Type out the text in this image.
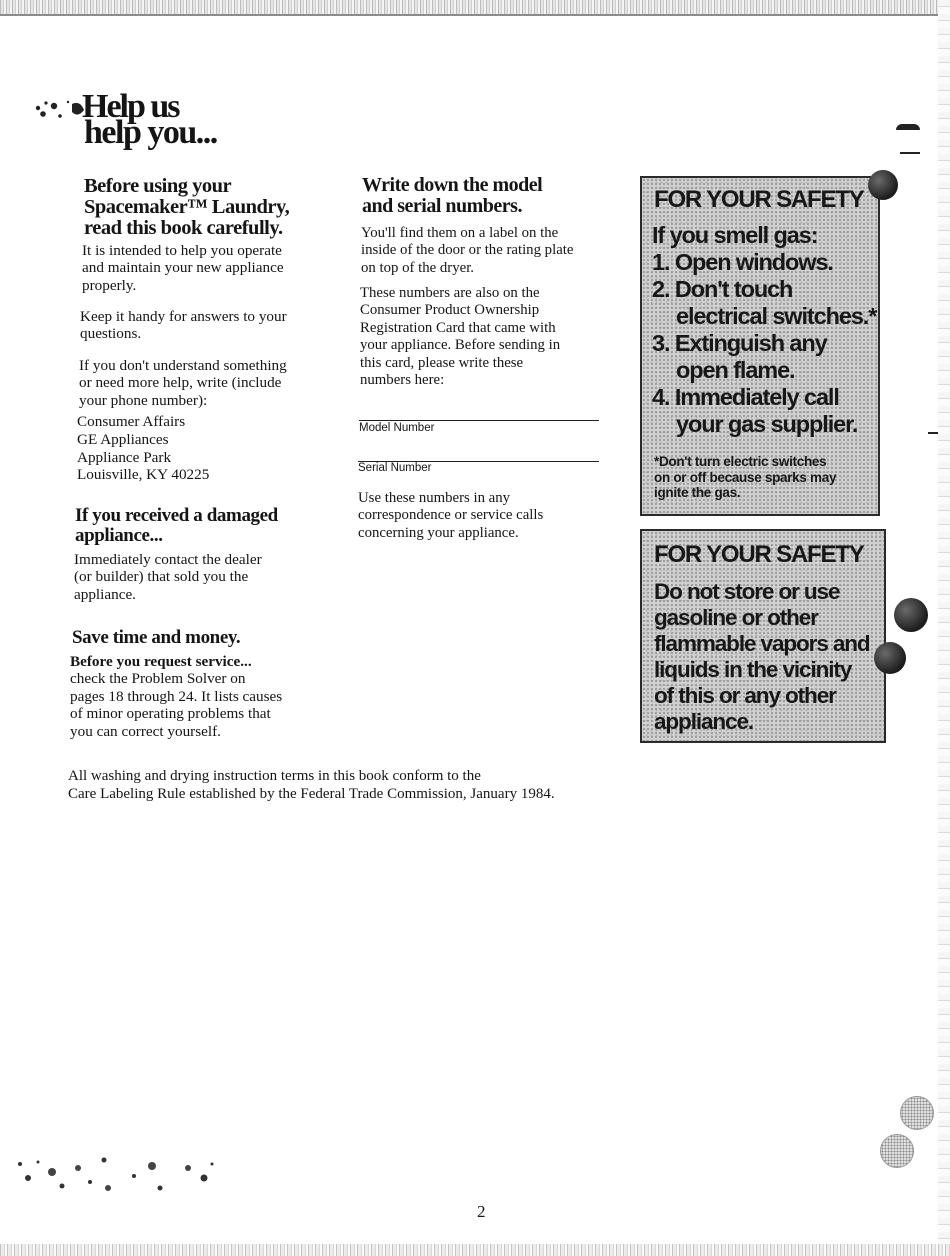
Help us
help you...
Before using your
Spacemaker™ Laundry,
read this book carefully.
It is intended to help you operate
and maintain your new appliance
properly.
Keep it handy for answers to your
questions.
If you don't understand something
or need more help, write (include
your phone number):
Consumer Affairs
GE Appliances
Appliance Park
Louisville, KY 40225
If you received a damaged
appliance...
Immediately contact the dealer
(or builder) that sold you the
appliance.
Save time and money.
Before you request service...
check the Problem Solver on
pages 18 through 24. It lists causes
of minor operating problems that
you can correct yourself.
Write down the model
and serial numbers.
You'll find them on a label on the
inside of the door or the rating plate
on top of the dryer.
These numbers are also on the
Consumer Product Ownership
Registration Card that came with
your appliance. Before sending in
this card, please write these
numbers here:
Model Number
Serial Number
Use these numbers in any
correspondence or service calls
concerning your appliance.
All washing and drying instruction terms in this book conform to the
Care Labeling Rule established by the Federal Trade Commission, January 1984.
FOR YOUR SAFETY
If you smell gas:
1. Open windows.
2. Don't touch
electrical switches.*
3. Extinguish any
open flame.
4. Immediately call
your gas supplier.
*Don't turn electric switches
on or off because sparks may
ignite the gas.
FOR YOUR SAFETY
Do not store or use
gasoline or other
flammable vapors and
liquids in the vicinity
of this or any other
appliance.
2
